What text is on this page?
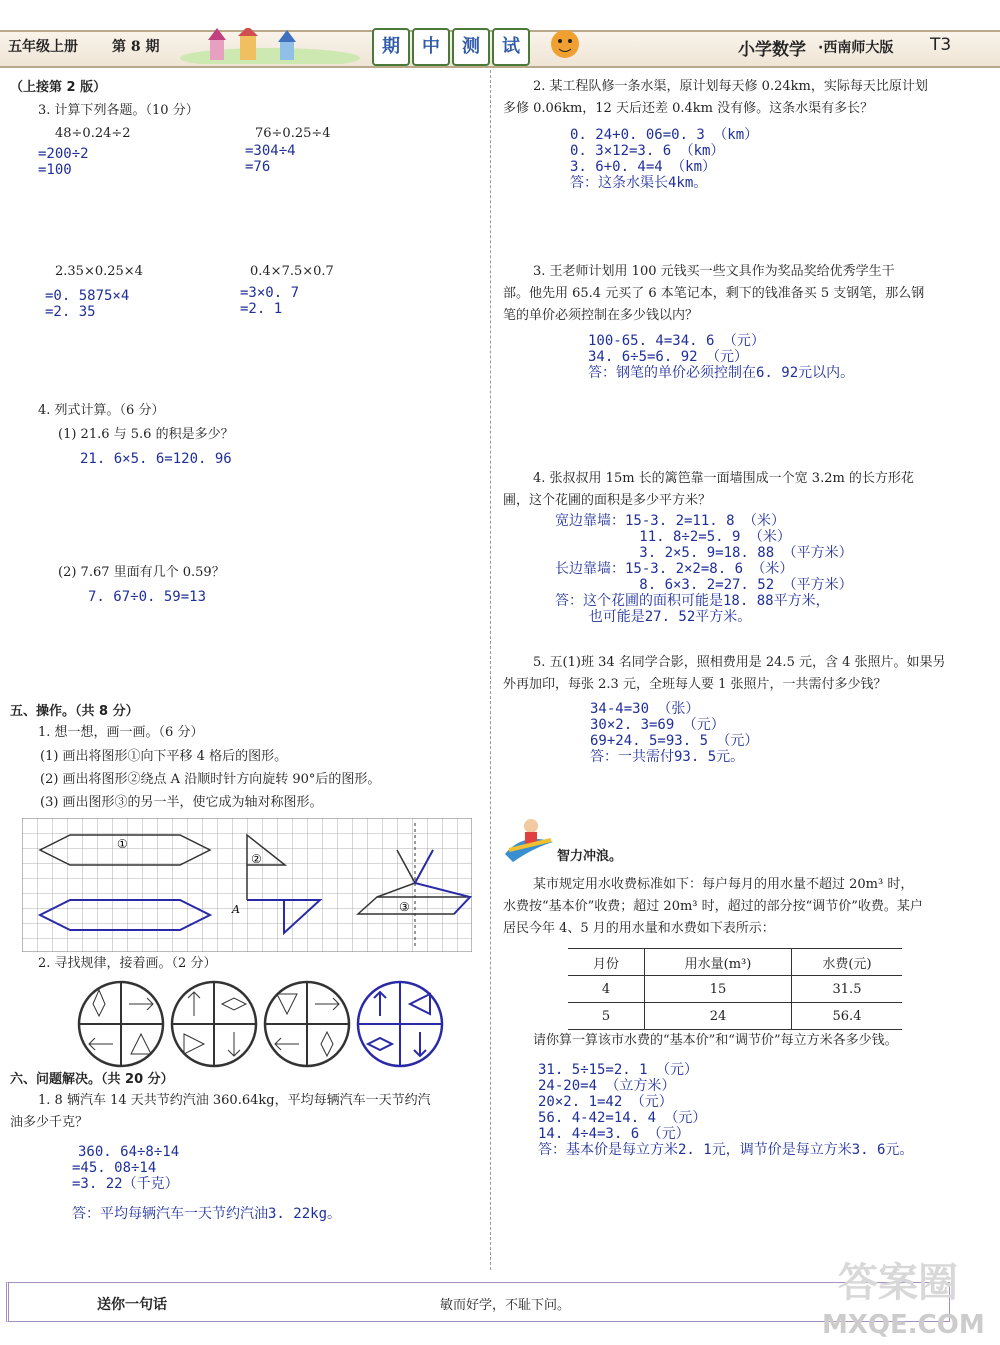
五年级上册 第 8 期	期	中	测	试	小学数学 ·西南师大版 T3
（上接第 2 版）
3. 计算下列各题。（10 分）
48÷0.24÷2
=200÷2
=100
76÷0.25÷4
=304÷4
=76
2.35×0.25×4
=0. 5875×4
=2. 35
0.4×7.5×0.7
=3×0. 7
=2. 1
4. 列式计算。（6 分）
(1) 21.6 与 5.6 的积是多少？
21. 6×5. 6=120. 96
(2) 7.67 里面有几个 0.59？
7. 67÷0. 59=13
五、操作。（共 8 分）
1. 想一想，画一画。（6 分）
(1) 画出将图形①向下平移 4 格后的图形。
(2) 画出将图形②绕点 A 沿顺时针方向旋转 90°后的图形。
(3) 画出图形③的另一半，使它成为轴对称图形。
①
②
A	③
2. 寻找规律，接着画。（2 分）
六、问题解决。（共 20 分）
1. 8 辆汽车 14 天共节约汽油 360.64kg，平均每辆汽车一天节约汽
油多少千克？
360. 64÷8÷14
=45. 08÷14
=3. 22（千克）
答：平均每辆汽车一天节约汽油3. 22kg。
2. 某工程队修一条水渠，原计划每天修 0.24km，实际每天比原计划
多修 0.06km，12 天后还差 0.4km 没有修。这条水渠有多长？
0. 24+0. 06=0. 3 （km）
0. 3×12=3. 6 （km）
3. 6+0. 4=4 （km）
答：这条水渠长4km。
3. 王老师计划用 100 元钱买一些文具作为奖品奖给优秀学生干
部。他先用 65.4 元买了 6 本笔记本，剩下的钱准备买 5 支钢笔，那么钢
笔的单价必须控制在多少钱以内？
100-65. 4=34. 6 （元）
34. 6÷5=6. 92 （元）
答：钢笔的单价必须控制在6. 92元以内。
4. 张叔叔用 15m 长的篱笆靠一面墙围成一个宽 3.2m 的长方形花
圃，这个花圃的面积是多少平方米？
宽边靠墙：15-3. 2=11. 8 （米）
11. 8÷2=5. 9 （米）
3. 2×5. 9=18. 88 （平方米）
长边靠墙：15-3. 2×2=8. 6 （米）
8. 6×3. 2=27. 52 （平方米）
答：这个花圃的面积可能是18. 88平方米，
也可能是27. 52平方米。
5. 五(1)班 34 名同学合影，照相费用是 24.5 元，含 4 张照片。如果另
外再加印，每张 2.3 元，全班每人要 1 张照片，一共需付多少钱？
34-4=30 （张）
30×2. 3=69 （元）
69+24. 5=93. 5 （元）
答：一共需付93. 5元。
智力冲浪。
某市规定用水收费标准如下：每户每月的用水量不超过 20m³ 时，
水费按“基本价”收费；超过 20m³ 时，超过的部分按“调节价”收费。某户
居民今年 4、5 月的用水量和水费如下表所示：
月份	用水量(m³)	水费(元)
4	15	31.5
5	24	56.4
请你算一算该市水费的“基本价”和“调节价”每立方米各多少钱。
31. 5÷15=2. 1 （元）
24-20=4 （立方米）
20×2. 1=42 （元）
56. 4-42=14. 4 （元）
14. 4÷4=3. 6 （元）
答：基本价是每立方米2. 1元，调节价是每立方米3. 6元。
送你一句话	敏而好学，不耻下问。
MXQE.COM
答案圈
